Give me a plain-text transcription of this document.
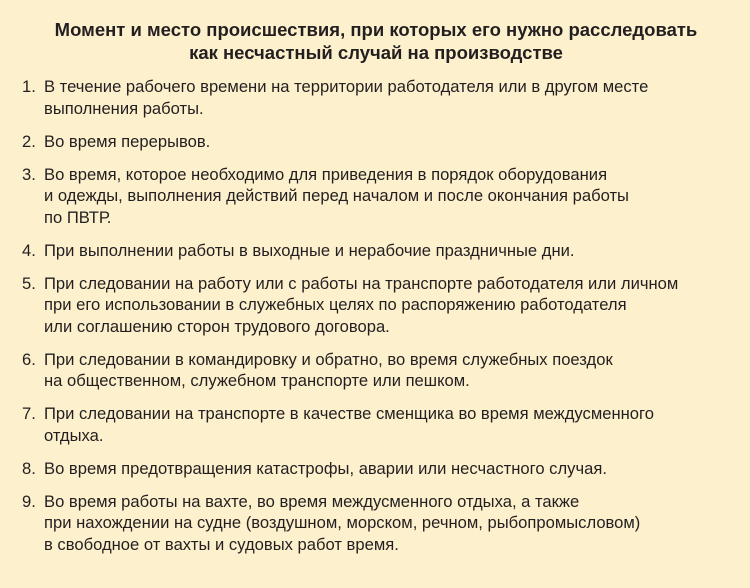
Момент и место происшествия, при которых его нужно расследовать
как несчастный случай на производстве
1. В течение рабочего времени на территории работодателя или в другом месте
выполнения работы.
2. Во время перерывов.
3. Во время, которое необходимо для приведения в порядок оборудования
и одежды, выполнения действий перед началом и после окончания работы
по ПВТР.
4. При выполнении работы в выходные и нерабочие праздничные дни.
5. При следовании на работу или с работы на транспорте работодателя или личном
при его использовании в служебных целях по распоряжению работодателя
или соглашению сторон трудового договора.
6. При следовании в командировку и обратно, во время служебных поездок
на общественном, служебном транспорте или пешком.
7. При следовании на транспорте в качестве сменщика во время междусменного
отдыха.
8. Во время предотвращения катастрофы, аварии или несчастного случая.
9. Во время работы на вахте, во время междусменного отдыха, а также
при нахождении на судне (воздушном, морском, речном, рыбопромысловом)
в свободное от вахты и судовых работ время.
